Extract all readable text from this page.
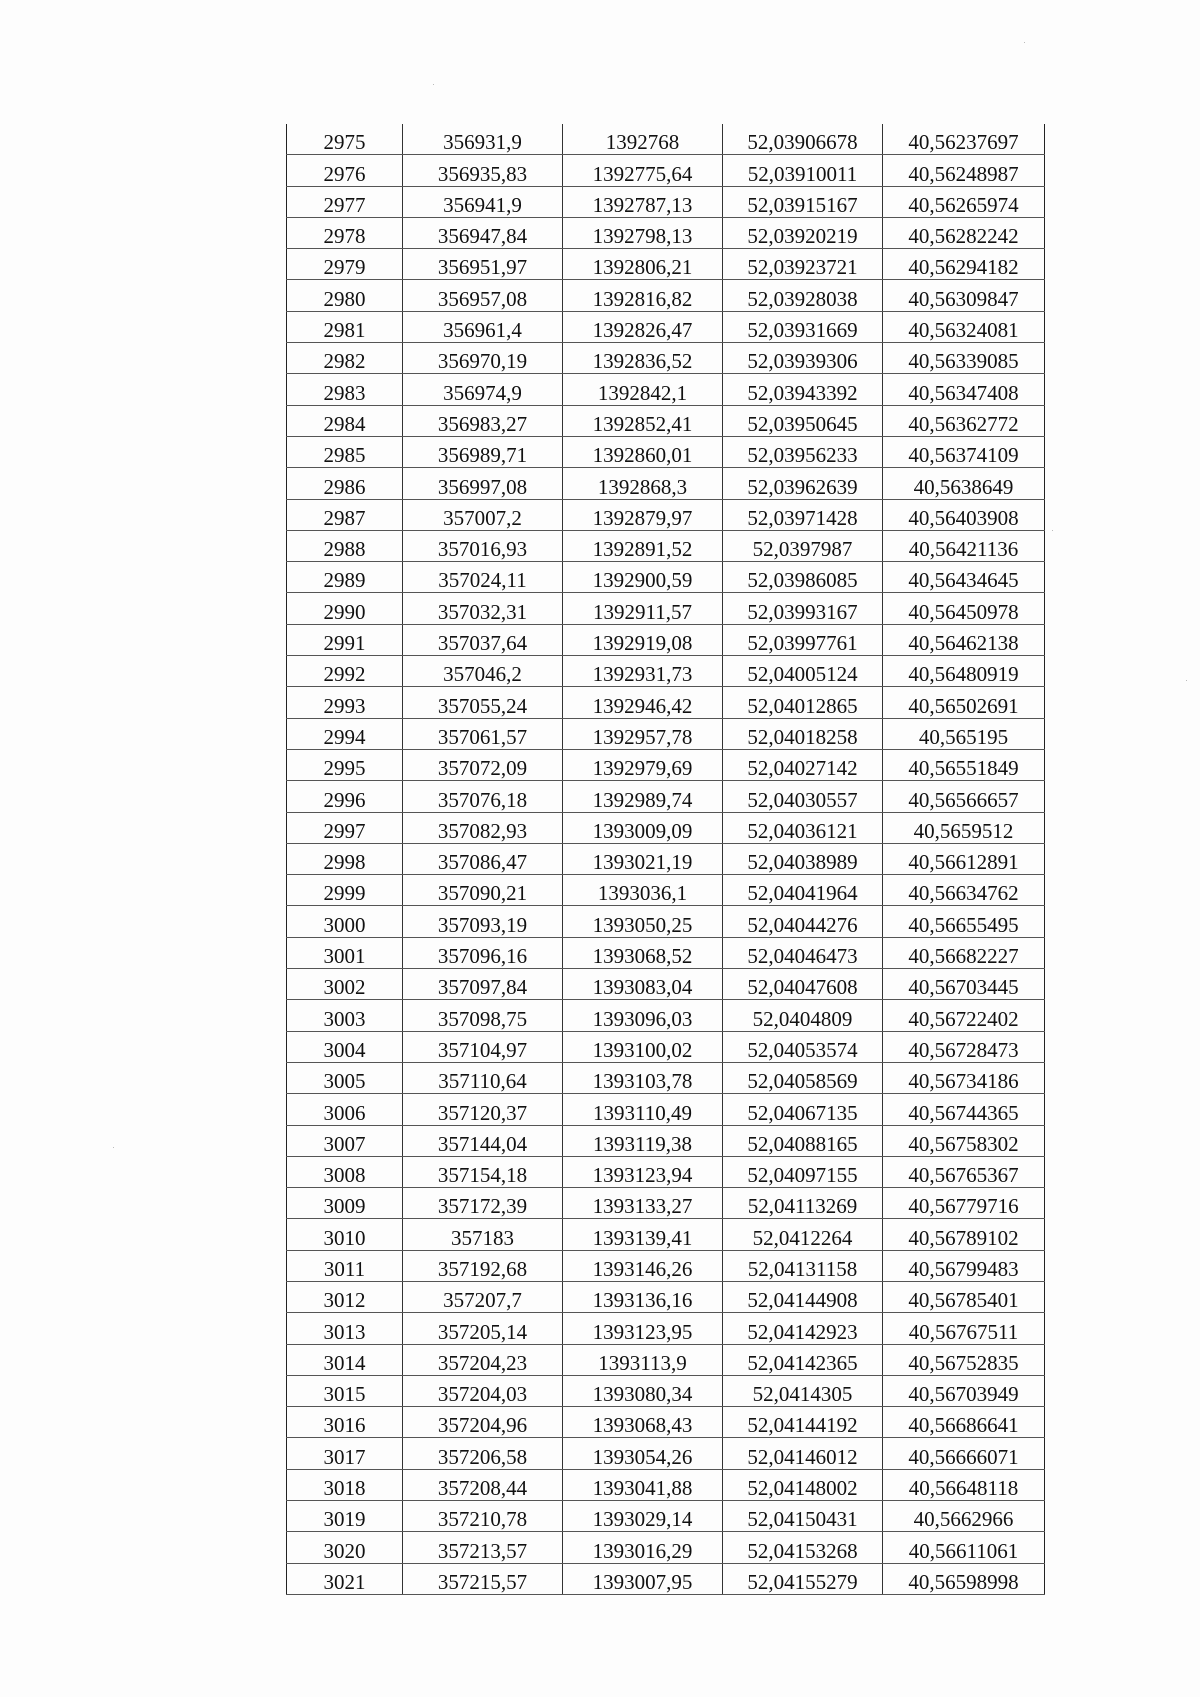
2975	356931,9	1392768	52,03906678	40,56237697
2976	356935,83	1392775,64	52,03910011	40,56248987
2977	356941,9	1392787,13	52,03915167	40,56265974
2978	356947,84	1392798,13	52,03920219	40,56282242
2979	356951,97	1392806,21	52,03923721	40,56294182
2980	356957,08	1392816,82	52,03928038	40,56309847
2981	356961,4	1392826,47	52,03931669	40,56324081
2982	356970,19	1392836,52	52,03939306	40,56339085
2983	356974,9	1392842,1	52,03943392	40,56347408
2984	356983,27	1392852,41	52,03950645	40,56362772
2985	356989,71	1392860,01	52,03956233	40,56374109
2986	356997,08	1392868,3	52,03962639	40,5638649
2987	357007,2	1392879,97	52,03971428	40,56403908
2988	357016,93	1392891,52	52,0397987	40,56421136
2989	357024,11	1392900,59	52,03986085	40,56434645
2990	357032,31	1392911,57	52,03993167	40,56450978
2991	357037,64	1392919,08	52,03997761	40,56462138
2992	357046,2	1392931,73	52,04005124	40,56480919
2993	357055,24	1392946,42	52,04012865	40,56502691
2994	357061,57	1392957,78	52,04018258	40,565195
2995	357072,09	1392979,69	52,04027142	40,56551849
2996	357076,18	1392989,74	52,04030557	40,56566657
2997	357082,93	1393009,09	52,04036121	40,5659512
2998	357086,47	1393021,19	52,04038989	40,56612891
2999	357090,21	1393036,1	52,04041964	40,56634762
3000	357093,19	1393050,25	52,04044276	40,56655495
3001	357096,16	1393068,52	52,04046473	40,56682227
3002	357097,84	1393083,04	52,04047608	40,56703445
3003	357098,75	1393096,03	52,0404809	40,56722402
3004	357104,97	1393100,02	52,04053574	40,56728473
3005	357110,64	1393103,78	52,04058569	40,56734186
3006	357120,37	1393110,49	52,04067135	40,56744365
3007	357144,04	1393119,38	52,04088165	40,56758302
3008	357154,18	1393123,94	52,04097155	40,56765367
3009	357172,39	1393133,27	52,04113269	40,56779716
3010	357183	1393139,41	52,0412264	40,56789102
3011	357192,68	1393146,26	52,04131158	40,56799483
3012	357207,7	1393136,16	52,04144908	40,56785401
3013	357205,14	1393123,95	52,04142923	40,56767511
3014	357204,23	1393113,9	52,04142365	40,56752835
3015	357204,03	1393080,34	52,0414305	40,56703949
3016	357204,96	1393068,43	52,04144192	40,56686641
3017	357206,58	1393054,26	52,04146012	40,56666071
3018	357208,44	1393041,88	52,04148002	40,56648118
3019	357210,78	1393029,14	52,04150431	40,5662966
3020	357213,57	1393016,29	52,04153268	40,56611061
3021	357215,57	1393007,95	52,04155279	40,56598998
